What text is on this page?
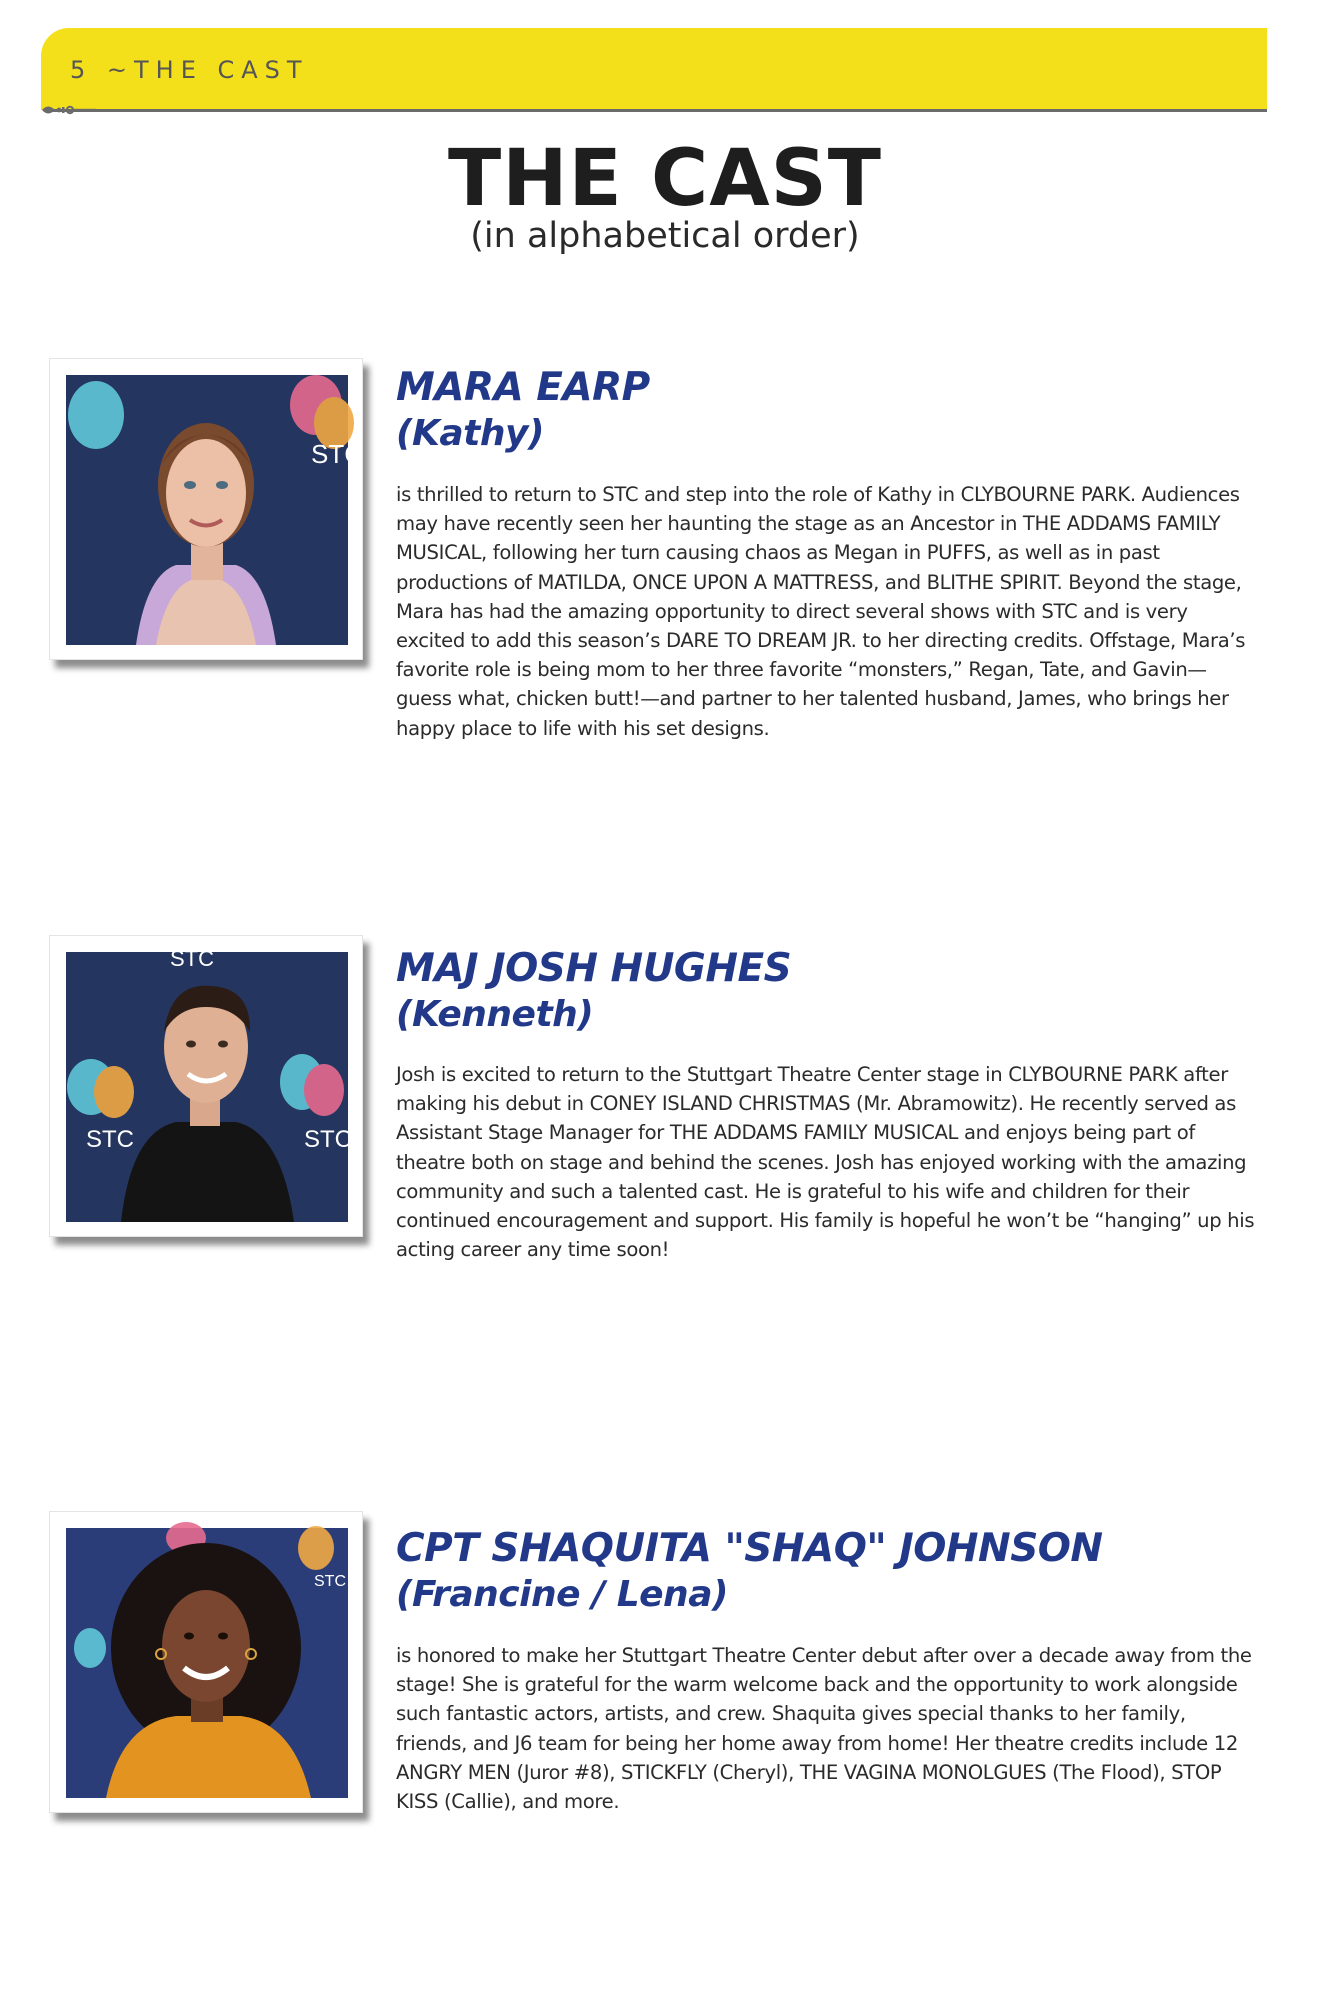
5 ~THE CAST
THE CAST
(in alphabetical order)
STC
MARA EARP
(Kathy)
is thrilled to return to STC and step into the role of Kathy in CLYBOURNE PARK. Audiences may have recently seen her haunting the stage as an Ancestor in THE ADDAMS FAMILY MUSICAL, following her turn causing chaos as Megan in PUFFS, as well as in past productions of MATILDA, ONCE UPON A MATTRESS, and BLITHE SPIRIT. Beyond the stage, Mara has had the amazing opportunity to direct several shows with STC and is very excited to add this season’s DARE TO DREAM JR. to her directing credits. Offstage, Mara’s favorite role is being mom to her three favorite “monsters,” Regan, Tate, and Gavin—guess what, chicken butt!—and partner to her talented husband, James, who brings her happy place to life with his set designs.
STC
STC	STC
MAJ JOSH HUGHES
(Kenneth)
Josh is excited to return to the Stuttgart Theatre Center stage in CLYBOURNE PARK after making his debut in CONEY ISLAND CHRISTMAS (Mr. Abramowitz). He recently served as Assistant Stage Manager for THE ADDAMS FAMILY MUSICAL and enjoys being part of theatre both on stage and behind the scenes. Josh has enjoyed working with the amazing community and such a talented cast. He is grateful to his wife and children for their continued encouragement and support. His family is hopeful he won’t be “hanging” up his acting career any time soon!
STC
CPT SHAQUITA "SHAQ" JOHNSON
(Francine / Lena)
is honored to make her Stuttgart Theatre Center debut after over a decade away from the stage! She is grateful for the warm welcome back and the opportunity to work alongside such fantastic actors, artists, and crew. Shaquita gives special thanks to her family, friends, and J6 team for being her home away from home! Her theatre credits include 12 ANGRY MEN (Juror #8), STICKFLY (Cheryl), THE VAGINA MONOLGUES (The Flood), STOP KISS (Callie), and more.
